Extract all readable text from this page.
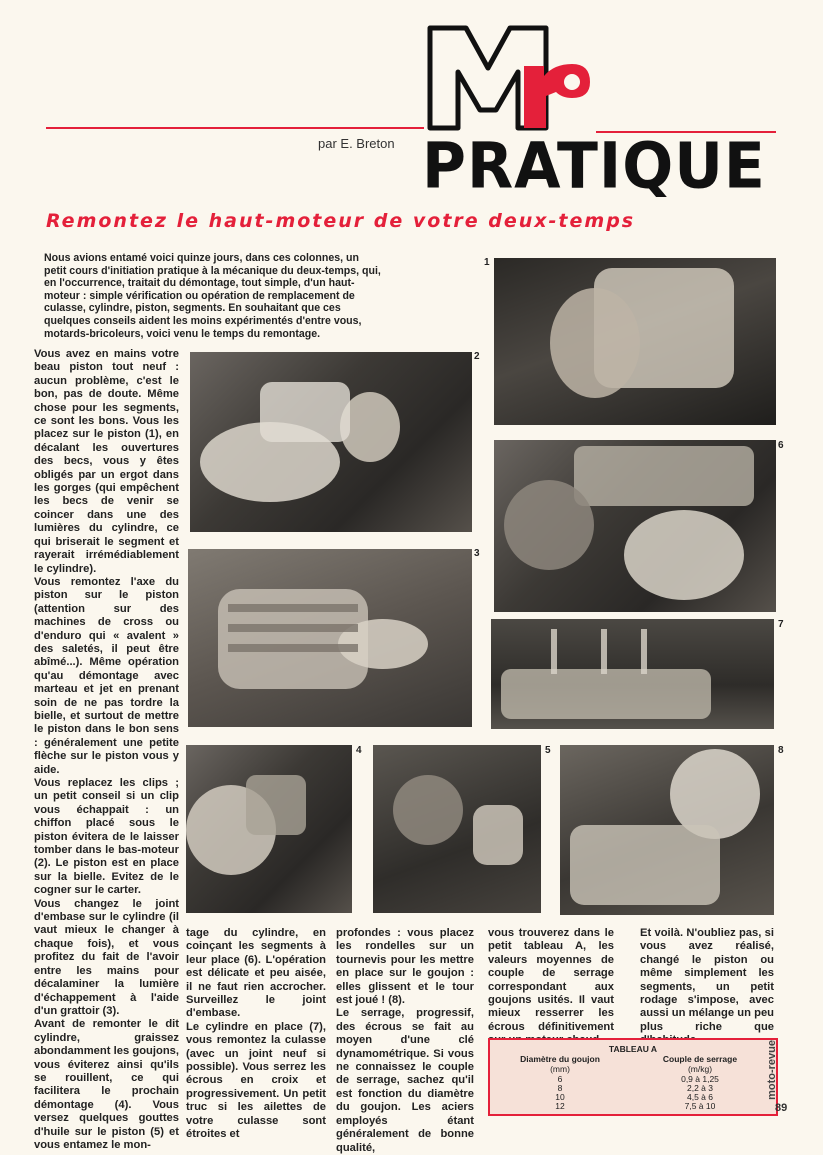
par E. Breton PRATIQUE
Remontez le haut-moteur de votre deux-temps
Nous avions entamé voici quinze jours, dans ces colonnes, un petit cours d'initiation pratique à la mécanique du deux-temps, qui, en l'occurrence, traitait du démontage, tout simple, d'un haut-moteur : simple vérification ou opération de remplacement de culasse, cylindre, piston, segments. En souhaitant que ces quelques conseils aident les moins expérimentés d'entre vous, motards-bricoleurs, voici venu le temps du remontage.
1
2
3
6
7
4	5	8

Vous avez en mains votre beau piston tout neuf : aucun problème, c'est le bon, pas de doute. Même chose pour les segments, ce sont les bons. Vous les placez sur le piston (1), en décalant les ouvertures des becs, vous y êtes obligés par un ergot dans les gorges (qui empêchent les becs de venir se coincer dans une des lumières du cylindre, ce qui briserait le segment et rayerait irrémédiablement le cylindre).

Vous remontez l'axe du piston sur le piston (attention sur des machines de cross ou d'enduro qui « avalent » des saletés, il peut être abîmé...). Même opération qu'au démontage avec marteau et jet en prenant soin de ne pas tordre la bielle, et surtout de mettre le piston dans le bon sens : généralement une petite flèche sur le piston vous y aide.

Vous replacez les clips ; un petit conseil si un clip vous échappait : un chiffon placé sous le piston évitera de le laisser tomber dans le bas-moteur (2). Le piston est en place sur la bielle. Evitez de le cogner sur le carter.

Vous changez le joint d'embase sur le cylindre (il vaut mieux le changer à chaque fois), et vous profitez du fait de l'avoir entre les mains pour décalaminer la lumière d'échappement à l'aide d'un grattoir (3).

Avant de remonter le dit cylindre, graissez abondamment les goujons, vous éviterez ainsi qu'ils se rouillent, ce qui facilitera le prochain démontage (4). Vous versez quelques gouttes d'huile sur le piston (5) et vous entamez le mon-

tage du cylindre, en coinçant les segments à leur place (6). L'opération est délicate et peu aisée, il ne faut rien accrocher. Surveillez le joint d'embase.

Le cylindre en place (7), vous remontez la culasse (avec un joint neuf si possible). Vous serrez les écrous en croix et progressivement. Un petit truc si les ailettes de votre culasse sont étroites et

profondes : vous placez les rondelles sur un tournevis pour les mettre en place sur le goujon : elles glissent et le tour est joué ! (8).

Le serrage, progressif, des écrous se fait au moyen d'une clé dynamométrique. Si vous ne connaissez le couple de serrage, sachez qu'il est fonction du diamètre du goujon. Les aciers employés étant généralement de bonne qualité,

vous trouverez dans le petit tableau A, les valeurs moyennes de couple de serrage correspondant aux goujons usités. Il vaut mieux resserrer les écrous définitivement

Et voilà. N'oubliez pas, si vous avez réalisé, changé le piston ou même simplement les segments, un petit rodage s'impose, avec aussi un mélange un peu plus riche que

TABLEAU A
Diamètre du goujon
(mm)
Couple de serrage
(m/kg)
6	0,9 à 1,25
8	2,2 à 3
10	4,5 à 6
12	7,5 à 10
moto-revue
89
